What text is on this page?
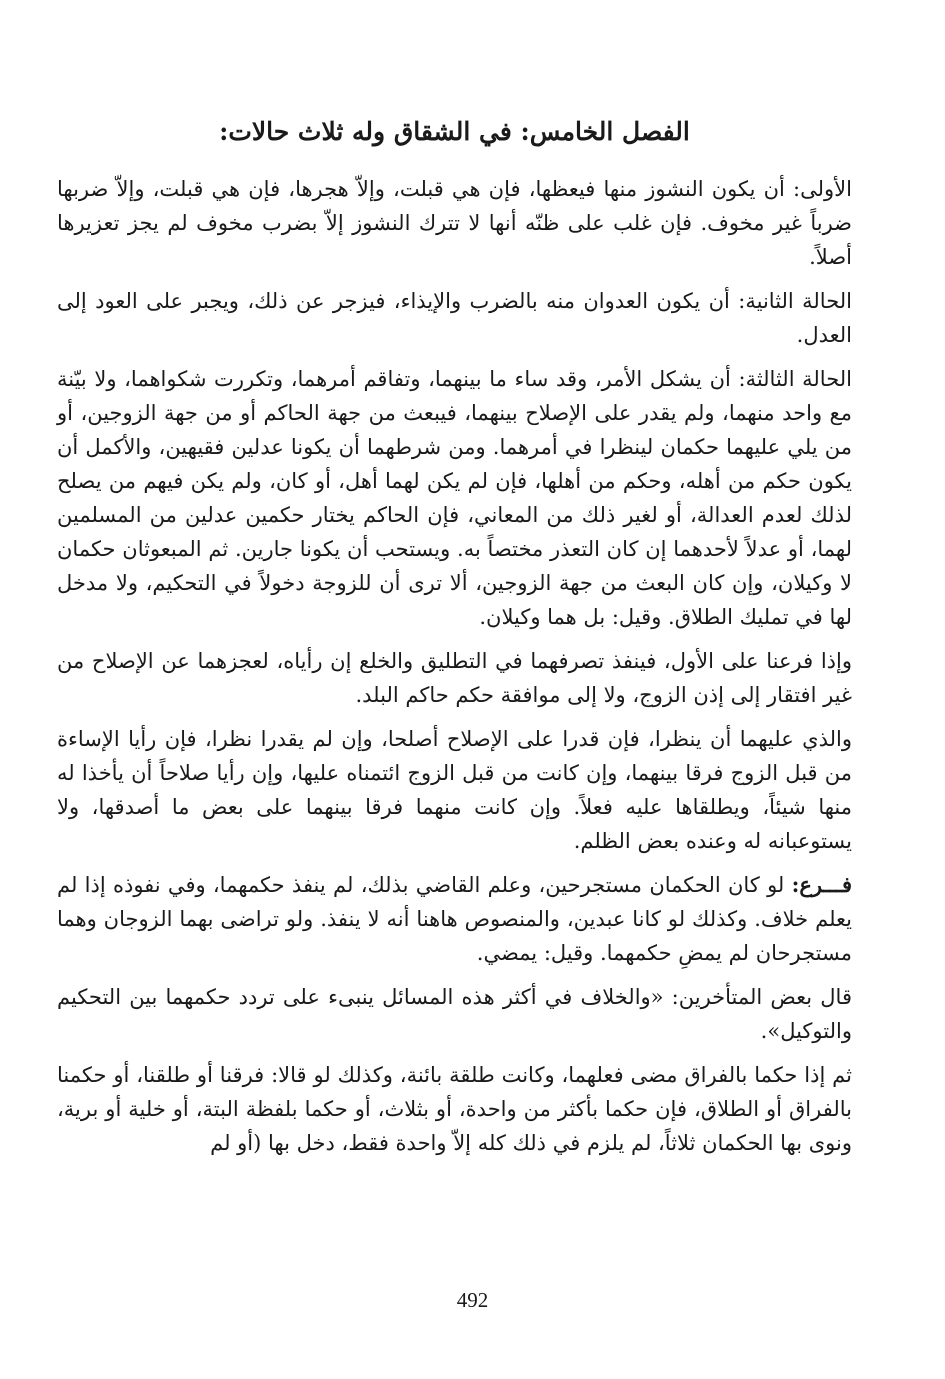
الفصل الخامس: في الشقاق وله ثلاث حالات:

الأولى: أن يكون النشوز منها فيعظها، فإن هي قبلت، وإلاّ هجرها، فإن هي قبلت، وإلاّ ضربها ضرباً غير مخوف. فإن غلب على ظنّه أنها لا تترك النشوز إلاّ بضرب مخوف لم يجز تعزيرها أصلاً.

الحالة الثانية: أن يكون العدوان منه بالضرب والإيذاء، فيزجر عن ذلك، ويجبر على العود إلى العدل.

الحالة الثالثة: أن يشكل الأمر، وقد ساء ما بينهما، وتفاقم أمرهما، وتكررت شكواهما، ولا بيّنة مع واحد منهما، ولم يقدر على الإصلاح بينهما، فيبعث من جهة الحاكم أو من جهة الزوجين، أو من يلي عليهما حكمان لينظرا في أمرهما. ومن شرطهما أن يكونا عدلين فقيهين، والأكمل أن يكون حكم من أهله، وحكم من أهلها، فإن لم يكن لهما أهل، أو كان، ولم يكن فيهم من يصلح لذلك لعدم العدالة، أو لغير ذلك من المعاني، فإن الحاكم يختار حكمين عدلين من المسلمين لهما، أو عدلاً لأحدهما إن كان التعذر مختصاً به. ويستحب أن يكونا جارين. ثم المبعوثان حكمان لا وكيلان، وإن كان البعث من جهة الزوجين، ألا ترى أن للزوجة دخولاً في التحكيم، ولا مدخل لها في تمليك الطلاق. وقيل: بل هما وكيلان.

وإذا فرعنا على الأول، فينفذ تصرفهما في التطليق والخلع إن رأياه، لعجزهما عن الإصلاح من غير افتقار إلى إذن الزوج، ولا إلى موافقة حكم حاكم البلد.

والذي عليهما أن ينظرا، فإن قدرا على الإصلاح أصلحا، وإن لم يقدرا نظرا، فإن رأيا الإساءة من قبل الزوج فرقا بينهما، وإن كانت من قبل الزوج ائتمناه عليها، وإن رأيا صلاحاً أن يأخذا له منها شيئاً، ويطلقاها عليه فعلاً. وإن كانت منهما فرقا بينهما على بعض ما أصدقها، ولا يستوعبانه له وعنده بعض الظلم.

فـــرع: لو كان الحكمان مستجرحين، وعلم القاضي بذلك، لم ينفذ حكمهما، وفي نفوذه إذا لم يعلم خلاف. وكذلك لو كانا عبدين، والمنصوص هاهنا أنه لا ينفذ. ولو تراضى بهما الزوجان وهما مستجرحان لم يمضِ حكمهما. وقيل: يمضي.

قال بعض المتأخرين: «والخلاف في أكثر هذه المسائل ينبىء على تردد حكمهما بين التحكيم والتوكيل».

ثم إذا حكما بالفراق مضى فعلهما، وكانت طلقة بائنة، وكذلك لو قالا: فرقنا أو طلقنا، أو حكمنا بالفراق أو الطلاق، فإن حكما بأكثر من واحدة، أو بثلاث، أو حكما بلفظة البتة، أو خلية أو برية، ونوى بها الحكمان ثلاثاً، لم يلزم في ذلك كله إلاّ واحدة فقط، دخل بها (أو لم

492
